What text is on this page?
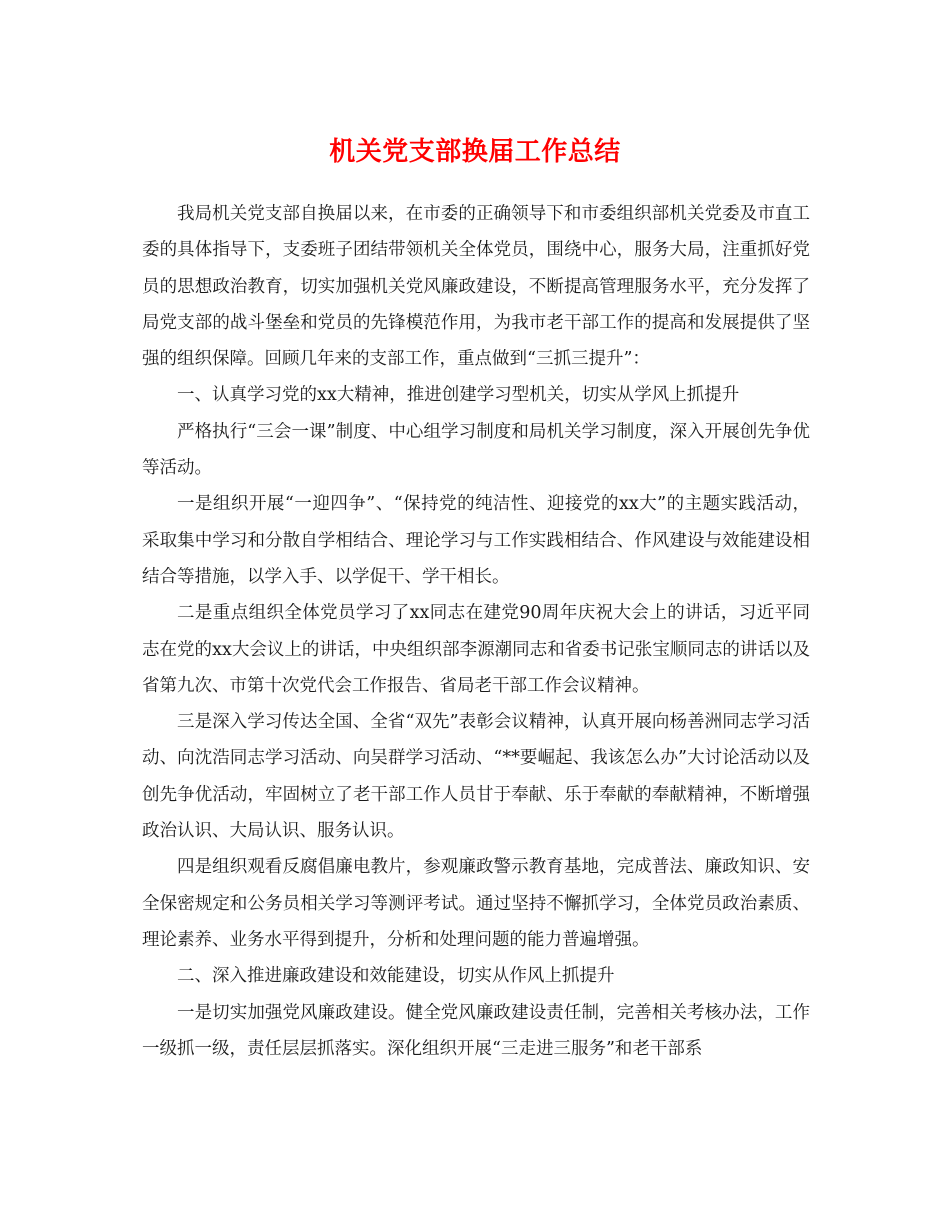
机关党支部换届工作总结

我局机关党支部自换届以来，在市委的正确领导下和市委组织部机关党委及市直工委的具体指导下，支委班子团结带领机关全体党员，围绕中心，服务大局，注重抓好党员的思想政治教育，切实加强机关党风廉政建设，不断提高管理服务水平，充分发挥了局党支部的战斗堡垒和党员的先锋模范作用，为我市老干部工作的提高和发展提供了坚强的组织保障。回顾几年来的支部工作，重点做到“三抓三提升”：

一、认真学习党的xx大精神，推进创建学习型机关，切实从学风上抓提升

严格执行“三会一课”制度、中心组学习制度和局机关学习制度，深入开展创先争优等活动。

一是组织开展“一迎四争”、“保持党的纯洁性、迎接党的xx大”的主题实践活动，采取集中学习和分散自学相结合、理论学习与工作实践相结合、作风建设与效能建设相结合等措施，以学入手、以学促干、学干相长。

二是重点组织全体党员学习了xx同志在建党90周年庆祝大会上的讲话，习近平同志在党的xx大会议上的讲话，中央组织部李源潮同志和省委书记张宝顺同志的讲话以及省第九次、市第十次党代会工作报告、省局老干部工作会议精神。

三是深入学习传达全国、全省“双先”表彰会议精神，认真开展向杨善洲同志学习活动、向沈浩同志学习活动、向吴群学习活动、“**要崛起、我该怎么办”大讨论活动以及创先争优活动，牢固树立了老干部工作人员甘于奉献、乐于奉献的奉献精神，不断增强政治认识、大局认识、服务认识。

四是组织观看反腐倡廉电教片，参观廉政警示教育基地，完成普法、廉政知识、安全保密规定和公务员相关学习等测评考试。通过坚持不懈抓学习，全体党员政治素质、理论素养、业务水平得到提升，分析和处理问题的能力普遍增强。

二、深入推进廉政建设和效能建设，切实从作风上抓提升

一是切实加强党风廉政建设。健全党风廉政建设责任制，完善相关考核办法，工作一级抓一级，责任层层抓落实。深化组织开展“三走进三服务”和老干部系
